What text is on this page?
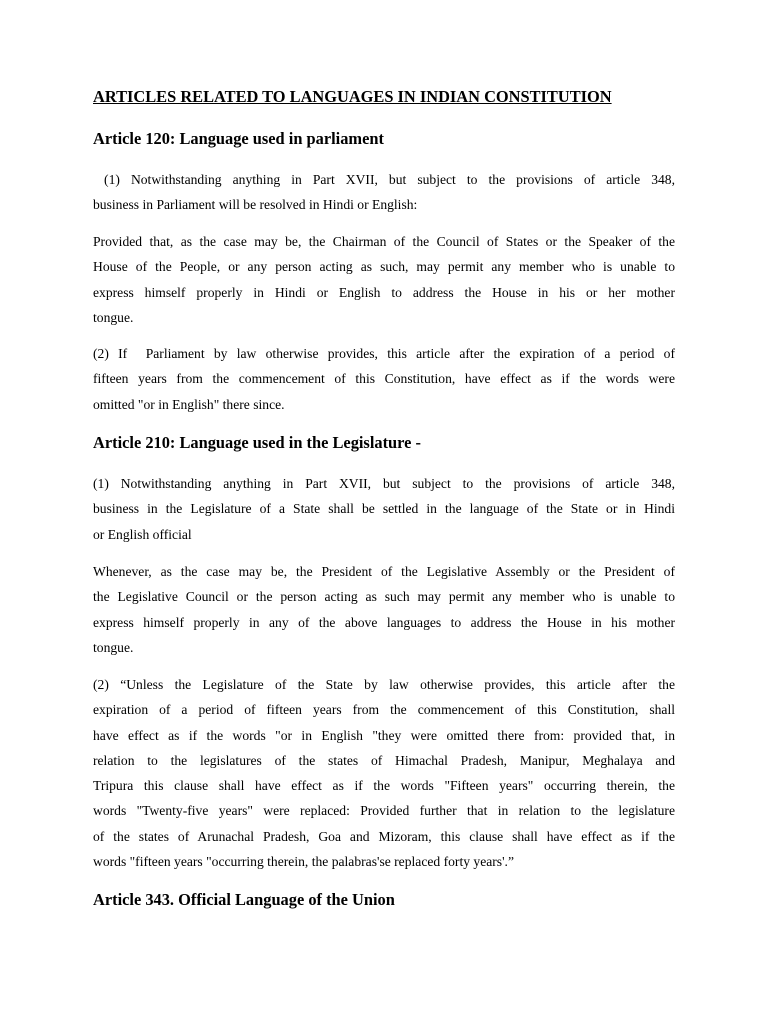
ARTICLES RELATED TO LANGUAGES IN INDIAN CONSTITUTION
Article 120: Language used in parliament
(1) Notwithstanding anything in Part XVII, but subject to the provisions of article 348,
business in Parliament will be resolved in Hindi or English:
Provided that, as the case may be, the Chairman of the Council of States or the Speaker of the
House of the People, or any person acting as such, may permit any member who is unable to
express himself properly in Hindi or English to address the House in his or her mother
tongue.
(2) If  Parliament by law otherwise provides, this article after the expiration of a period of
fifteen years from the commencement of this Constitution, have effect as if the words were
omitted "or in English" there since.
Article 210: Language used in the Legislature -
(1) Notwithstanding anything in Part XVII, but subject to the provisions of article 348,
business in the Legislature of a State shall be settled in the language of the State or in Hindi
or English official
Whenever, as the case may be, the President of the Legislative Assembly or the President of
the Legislative Council or the person acting as such may permit any member who is unable to
express himself properly in any of the above languages to address the House in his mother
tongue.
(2) “Unless the Legislature of the State by law otherwise provides, this article after the
expiration of a period of fifteen years from the commencement of this Constitution, shall
have effect as if the words "or in English "they were omitted there from: provided that, in
relation to the legislatures of the states of Himachal Pradesh, Manipur, Meghalaya and
Tripura this clause shall have effect as if the words "Fifteen years" occurring therein, the
words "Twenty-five years" were replaced: Provided further that in relation to the legislature
of the states of Arunachal Pradesh, Goa and Mizoram, this clause shall have effect as if the
words "fifteen years "occurring therein, the palabras'se replaced forty years'.”
Article 343. Official Language of the Union
